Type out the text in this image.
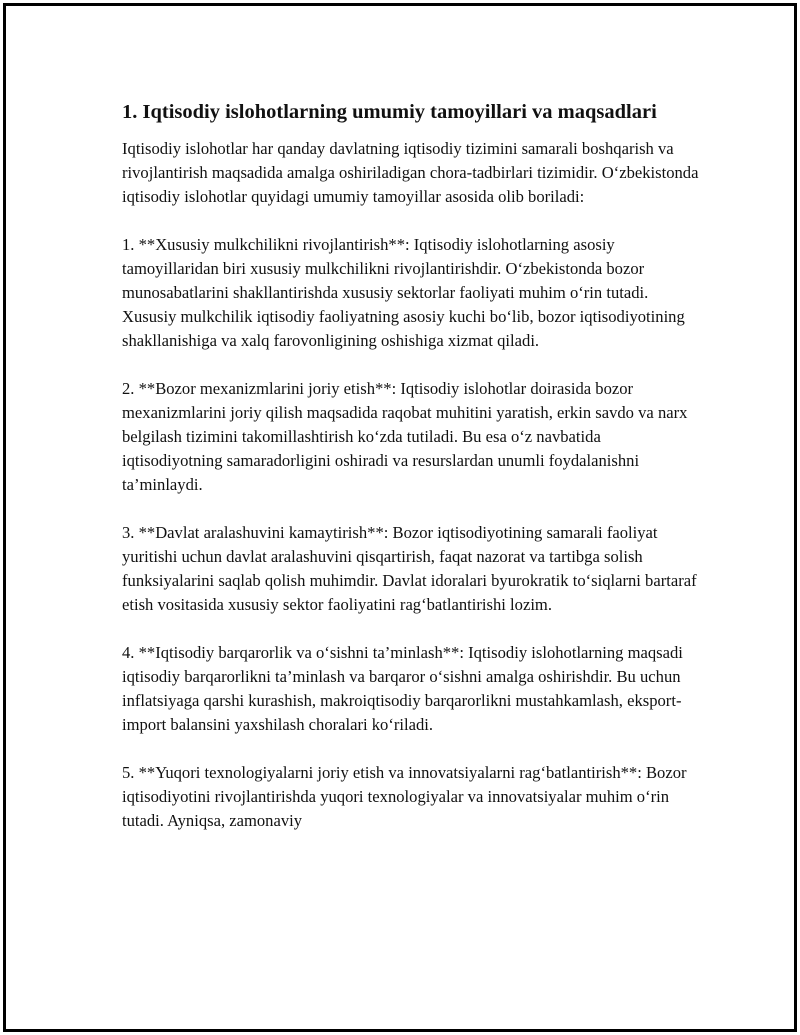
1. Iqtisodiy islohotlarning umumiy tamoyillari va maqsadlari

Iqtisodiy islohotlar har qanday davlatning iqtisodiy tizimini samarali boshqarish va rivojlantirish maqsadida amalga oshiriladigan chora-tadbirlari tizimidir. O‘zbekistonda iqtisodiy islohotlar quyidagi umumiy tamoyillar asosida olib boriladi:

1. **Xususiy mulkchilikni rivojlantirish**: Iqtisodiy islohotlarning asosiy tamoyillaridan biri xususiy mulkchilikni rivojlantirishdir. O‘zbekistonda bozor munosabatlarini shakllantirishda xususiy sektorlar faoliyati muhim o‘rin tutadi. Xususiy mulkchilik iqtisodiy faoliyatning asosiy kuchi bo‘lib, bozor iqtisodiyotining shakllanishiga va xalq farovonligining oshishiga xizmat qiladi.

2. **Bozor mexanizmlarini joriy etish**: Iqtisodiy islohotlar doirasida bozor mexanizmlarini joriy qilish maqsadida raqobat muhitini yaratish, erkin savdo va narx belgilash tizimini takomillashtirish ko‘zda tutiladi. Bu esa o‘z navbatida iqtisodiyotning samaradorligini oshiradi va resurslardan unumli foydalanishni ta’minlaydi.

3. **Davlat aralashuvini kamaytirish**: Bozor iqtisodiyotining samarali faoliyat yuritishi uchun davlat aralashuvini qisqartirish, faqat nazorat va tartibga solish funksiyalarini saqlab qolish muhimdir. Davlat idoralari byurokratik to‘siqlarni bartaraf etish vositasida xususiy sektor faoliyatini rag‘batlantirishi lozim.

4. **Iqtisodiy barqarorlik va o‘sishni ta’minlash**: Iqtisodiy islohotlarning maqsadi iqtisodiy barqarorlikni ta’minlash va barqaror o‘sishni amalga oshirishdir. Bu uchun inflatsiyaga qarshi kurashish, makroiqtisodiy barqarorlikni mustahkamlash, eksport-import balansini yaxshilash choralari ko‘riladi.

5. **Yuqori texnologiyalarni joriy etish va innovatsiyalarni rag‘batlantirish**: Bozor iqtisodiyotini rivojlantirishda yuqori texnologiyalar va innovatsiyalar muhim o‘rin tutadi. Ayniqsa, zamonaviy
